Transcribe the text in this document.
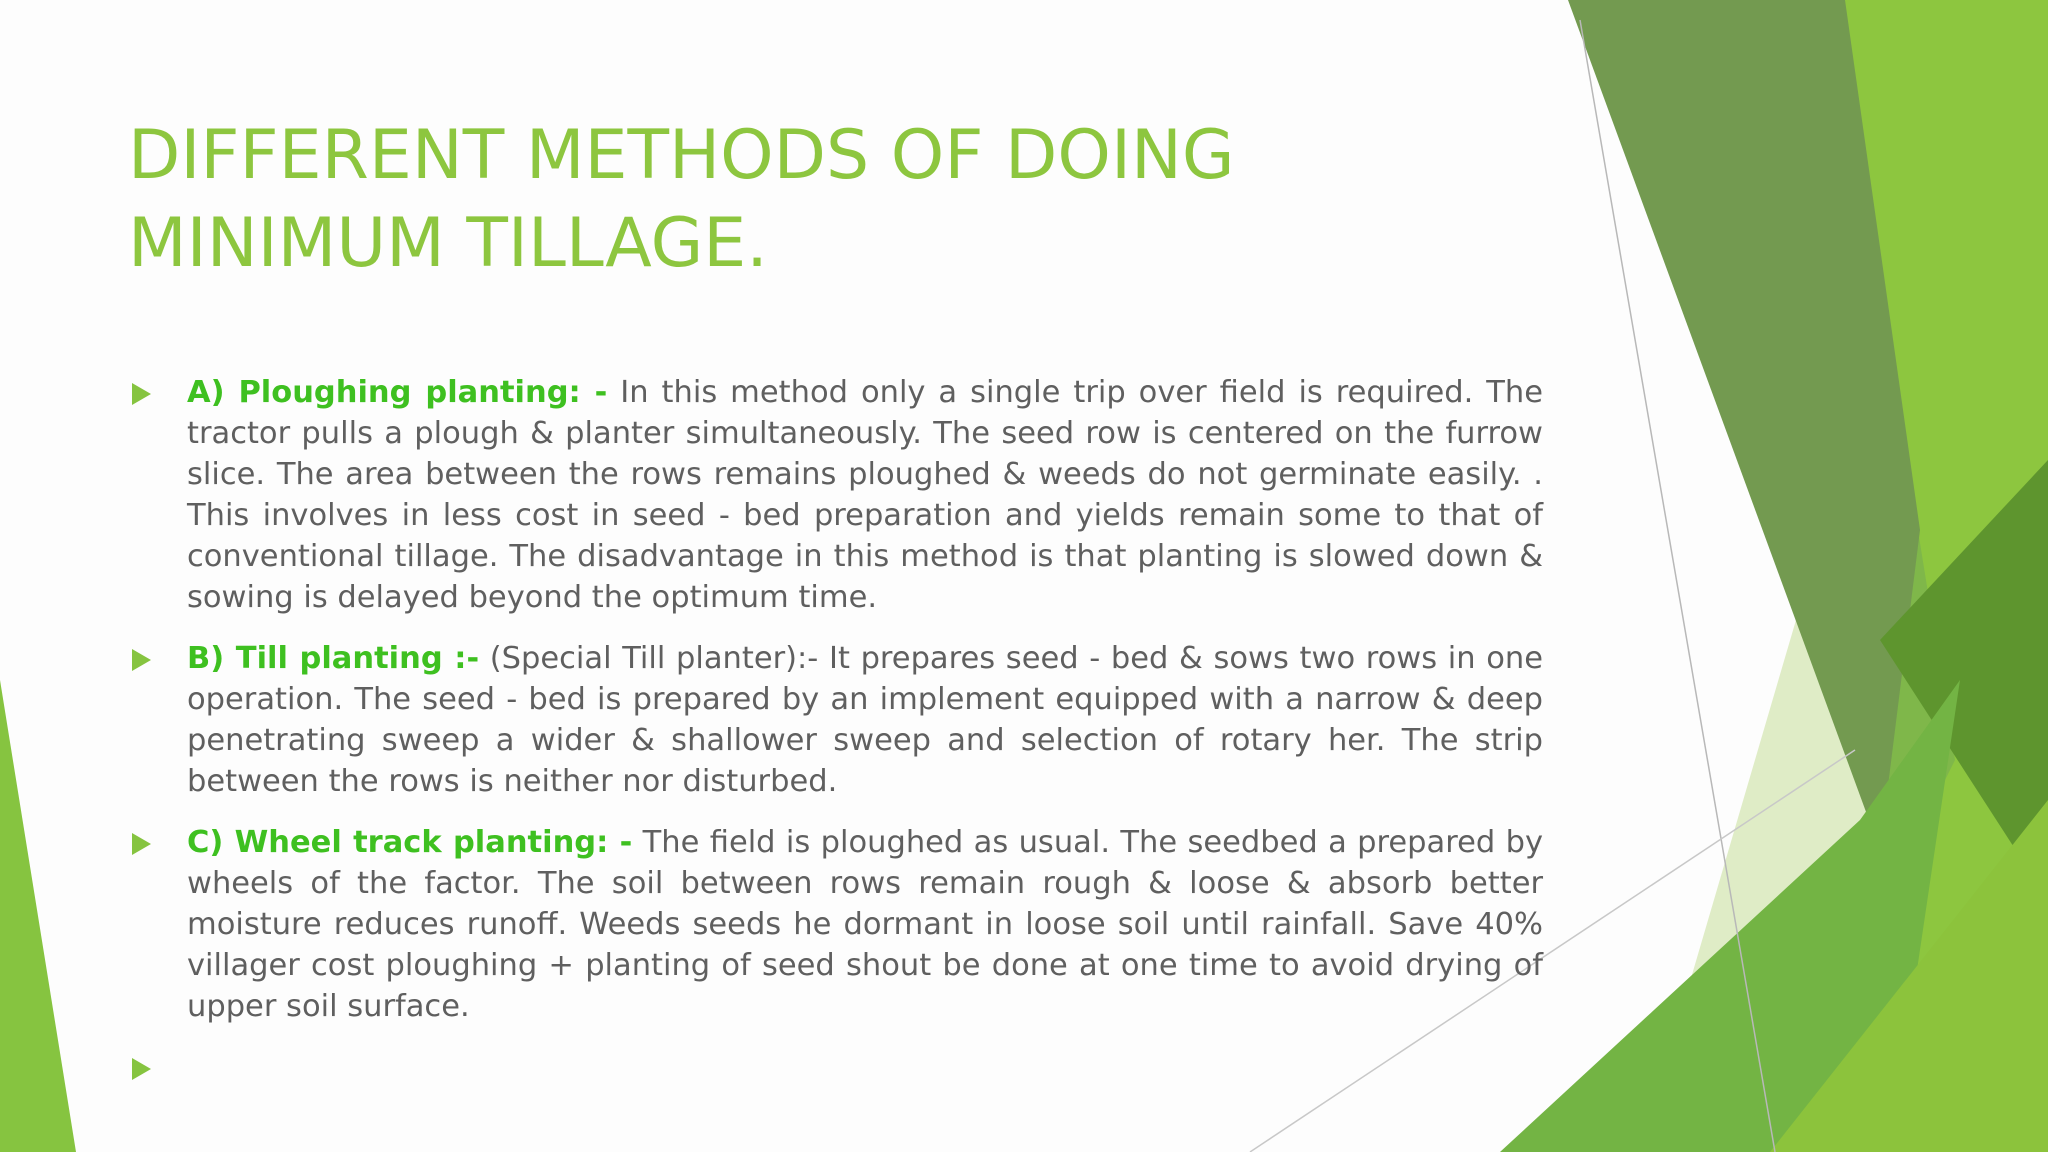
DIFFERENT METHODS OF DOING MINIMUM TILLAGE.
A) Ploughing planting: - In this method only a single trip over field is required. The tractor pulls a plough & planter simultaneously. The seed row is centered on the furrow slice. The area between the rows remains ploughed & weeds do not germinate easily. . This involves in less cost in seed - bed preparation and yields remain some to that of conventional tillage. The disadvantage in this method is that planting is slowed down & sowing is delayed beyond the optimum time.
B) Till planting :- (Special Till planter):- It prepares seed - bed & sows two rows in one operation. The seed - bed is prepared by an implement equipped with a narrow & deep penetrating sweep a wider & shallower sweep and selection of rotary her. The strip between the rows is neither nor disturbed.
C) Wheel track planting: - The field is ploughed as usual. The seedbed a prepared by wheels of the factor. The soil between rows remain rough & loose & absorb better moisture reduces runoff. Weeds seeds he dormant in loose soil until rainfall. Save 40% villager cost ploughing + planting of seed shout be done at one time to avoid drying of upper soil surface.
